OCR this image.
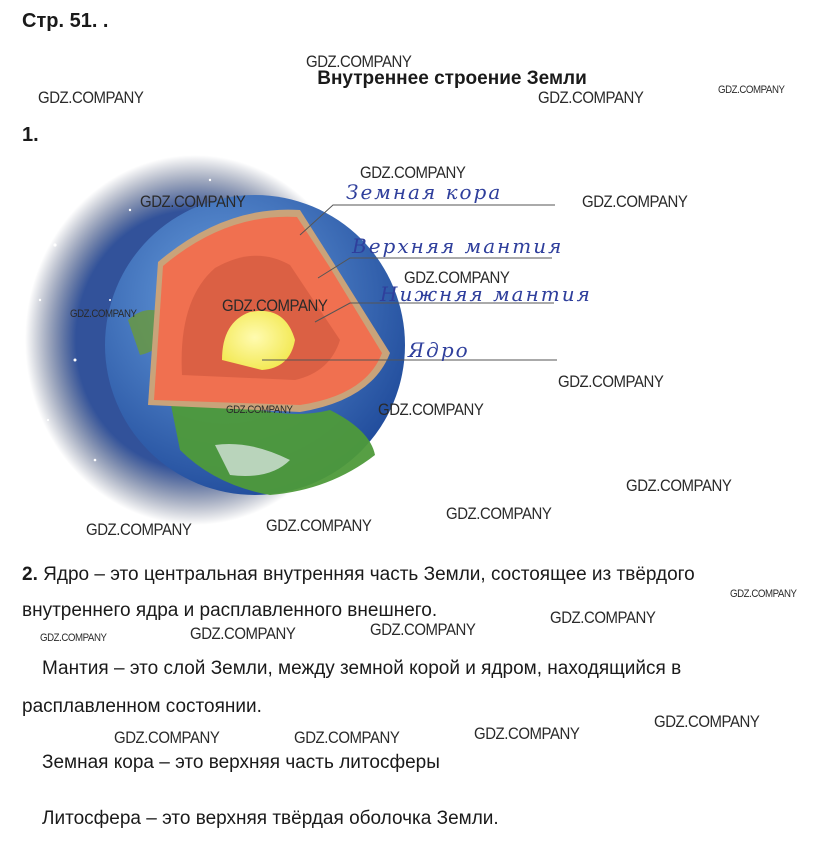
Стр. 51. .
Внутреннее строение Земли
1.
Земная кора
Верхняя мантия
Нижняя мантия
Ядро
2. Ядро – это центральная внутренняя часть Земли, состоящее из твёрдого
внутреннего ядра и расплавленного внешнего.
Мантия – это слой Земли, между земной корой и ядром, находящийся в
расплавленном состоянии.
Земная кора – это верхняя часть литосферы
Литосфера – это верхняя твёрдая оболочка Земли.
GDZ.COMPANY
GDZ.COMPANY	GDZ.COMPANY	GDZ.COMPANY
GDZ.COMPANY
GDZ.COMPANY	GDZ.COMPANY
GDZ.COMPANY
GDZ.COMPANY
GDZ.COMPANY
GDZ.COMPANY
GDZ.COMPANY
GDZ.COMPANY
GDZ.COMPANY
GDZ.COMPANY
GDZ.COMPANY	GDZ.COMPANY
GDZ.COMPANY
GDZ.COMPANY
GDZ.COMPANY
GDZ.COMPANY
GDZ.COMPANY
GDZ.COMPANY
GDZ.COMPANY
GDZ.COMPANY	GDZ.COMPANY
